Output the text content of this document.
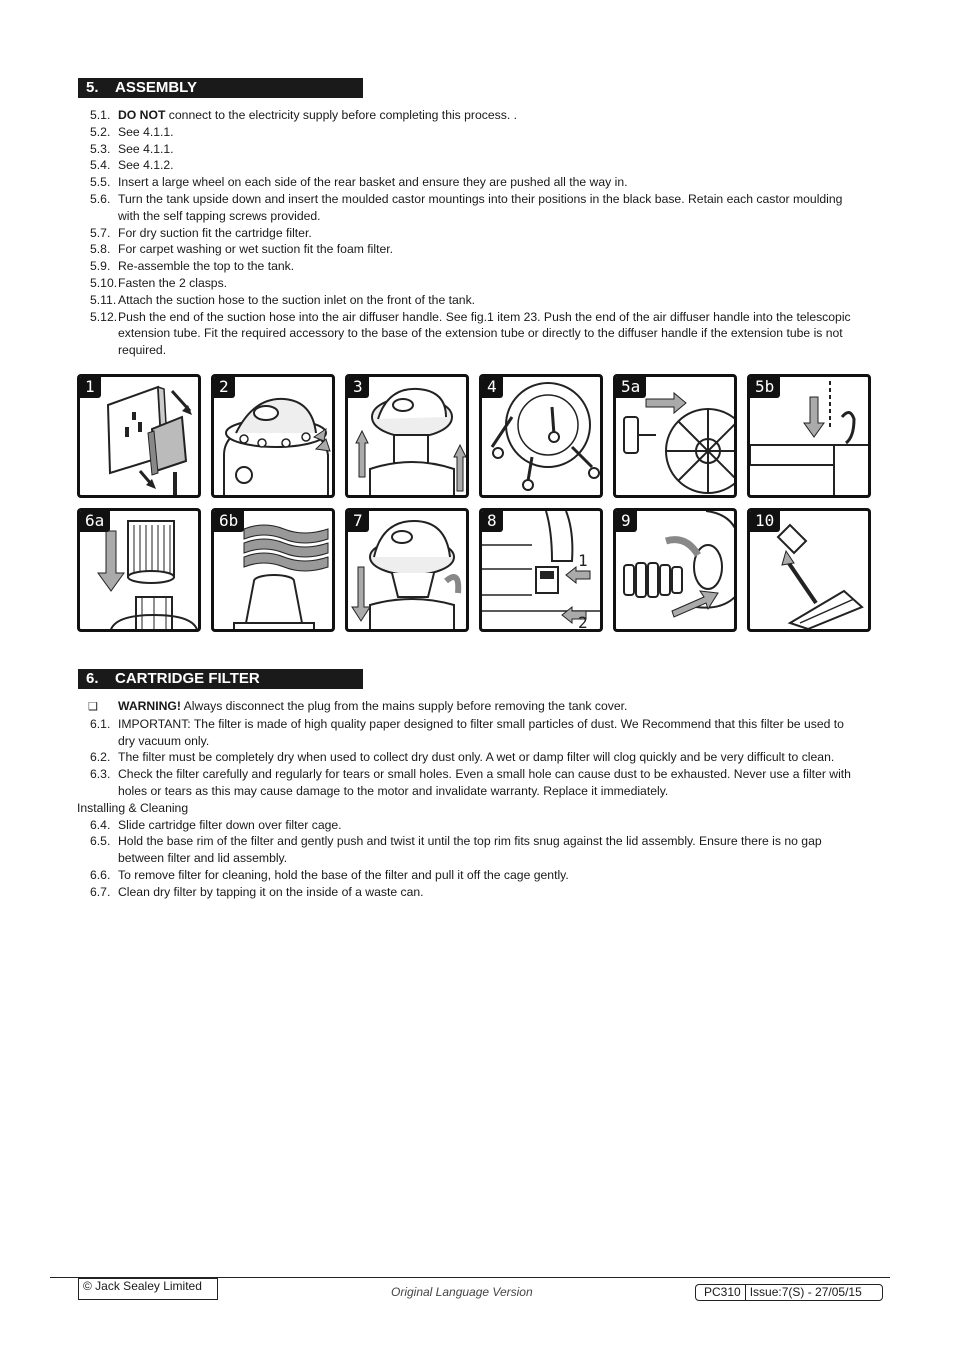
5. ASSEMBLY
5.1. DO NOT connect to the electricity supply before completing this process. .
5.2. See 4.1.1.
5.3. See 4.1.1.
5.4. See 4.1.2.
5.5. Insert a large wheel on each side of the rear basket and ensure they are pushed all the way in.
5.6. Turn the tank upside down and insert the moulded castor mountings into their positions in the black base. Retain each castor moulding with the self tapping screws provided.
5.7. For dry suction fit the cartridge filter.
5.8. For carpet washing or wet suction fit the foam filter.
5.9. Re-assemble the top to the tank.
5.10. Fasten the 2 clasps.
5.11. Attach the suction hose to the suction inlet on the front of the tank.
5.12. Push the end of the suction hose into the air diffuser handle. See fig.1 item 23. Push the end of the air diffuser handle into the telescopic extension tube. Fit the required accessory to the base of the extension tube or directly to the diffuser handle if the extension tube is not required.
1	2	3	4	5a	5b
6a	6b	7	8
1
2
9	10
6. CARTRIDGE FILTER
❑	WARNING! Always disconnect the plug from the mains supply before removing the tank cover.
6.1. IMPORTANT: The filter is made of high quality paper designed to filter small particles of dust. We Recommend that this filter be used to dry vacuum only.
6.2. The filter must be completely dry when used to collect dry dust only. A wet or damp filter will clog quickly and be very difficult to clean.
6.3. Check the filter carefully and regularly for tears or small holes. Even a small hole can cause dust to be exhausted. Never use a filter with holes or tears as this may cause damage to the motor and invalidate warranty. Replace it immediately.
Installing & Cleaning
6.4. Slide cartridge filter down over filter cage.
6.5. Hold the base rim of the filter and gently push and twist it until the top rim fits snug against the lid assembly. Ensure there is no gap between filter and lid assembly.
6.6. To remove filter for cleaning, hold the base of the filter and pull it off the cage gently.
6.7. Clean dry filter by tapping it on the inside of a waste can.
© Jack Sealey Limited	Original Language Version	PC310 Issue:7(S) - 27/05/15
